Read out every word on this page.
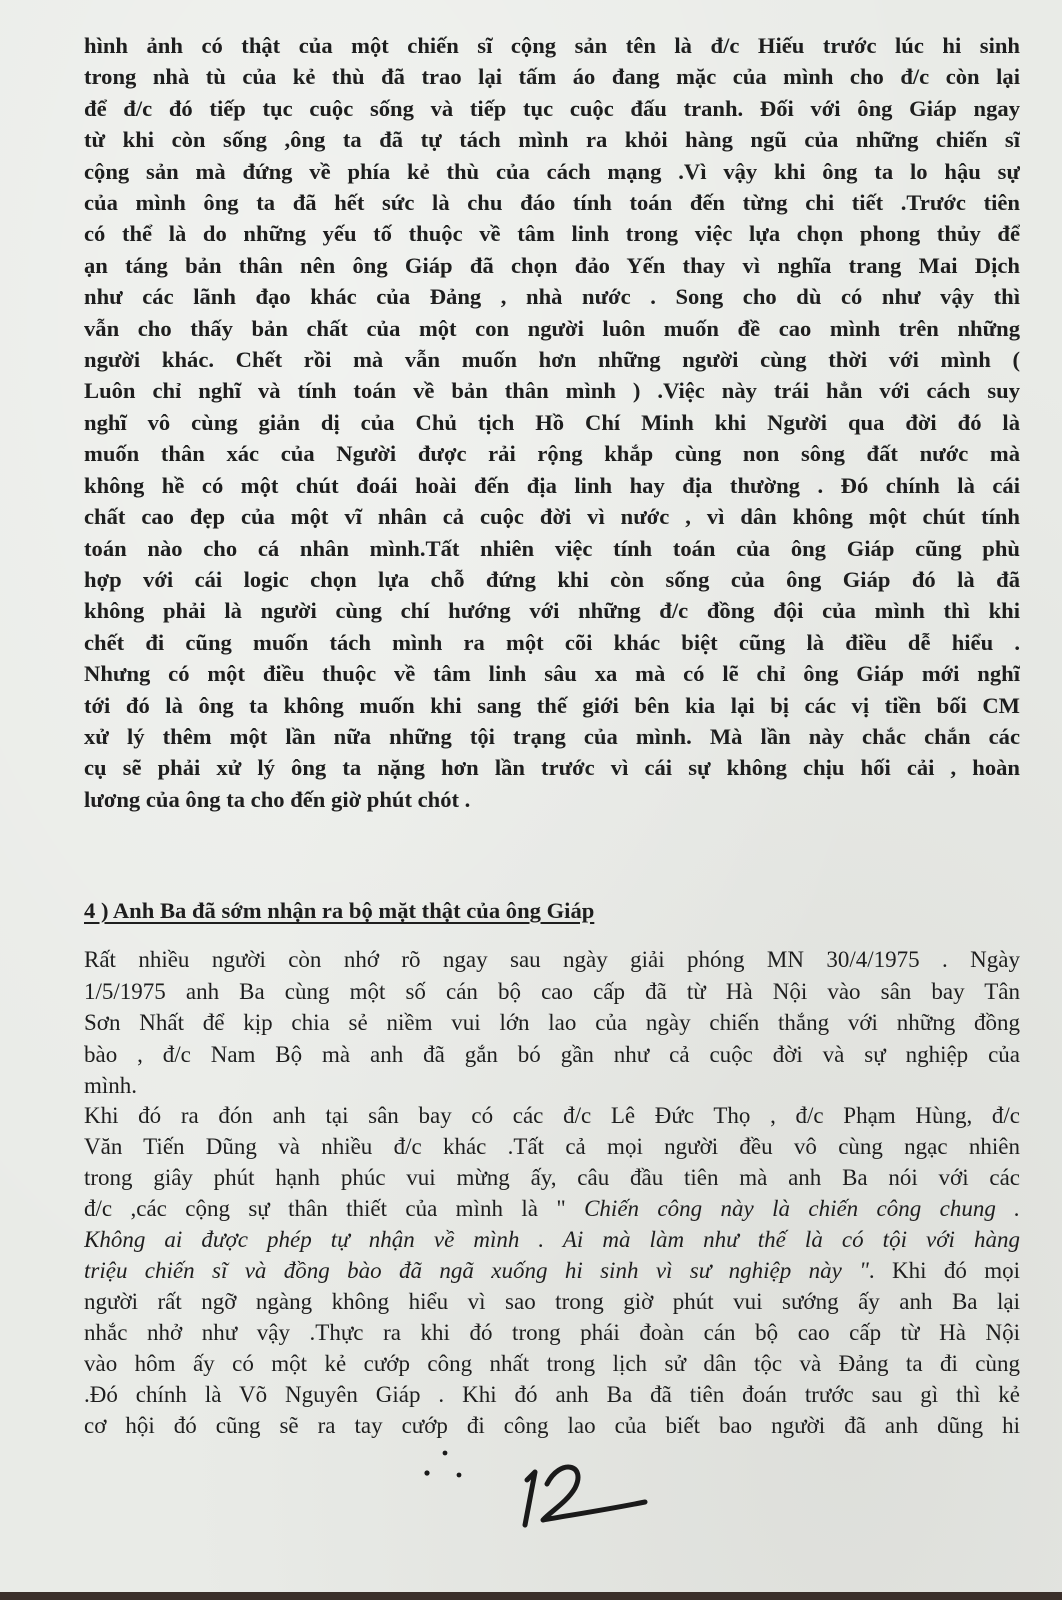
hình ảnh có thật của một chiến sĩ cộng sản tên là đ/c Hiếu trước lúc hi sinh
trong nhà tù của kẻ thù đã trao lại tấm áo đang mặc của mình cho đ/c còn lại
để đ/c đó tiếp tục cuộc sống và tiếp tục cuộc đấu tranh. Đối với ông Giáp ngay
từ khi còn sống ,ông ta đã tự tách mình ra khỏi hàng ngũ của những chiến sĩ
cộng sản mà đứng về phía kẻ thù của cách mạng .Vì vậy khi ông ta lo hậu sự
của mình ông ta đã hết sức là chu đáo tính toán đến từng chi tiết .Trước tiên
có thể là do những yếu tố thuộc về tâm linh trong việc lựa chọn phong thủy để
ạn táng bản thân nên ông Giáp đã chọn đảo Yến thay vì nghĩa trang Mai Dịch
như các lãnh đạo khác của Đảng , nhà nước . Song cho dù có như vậy thì
vẫn cho thấy bản chất của một con người luôn muốn đề cao mình trên những
người khác. Chết rồi mà vẫn muốn hơn những người cùng thời với mình (
Luôn chỉ nghĩ và tính toán về bản thân mình ) .Việc này trái hẳn với cách suy
nghĩ vô cùng giản dị của Chủ tịch Hồ Chí Minh khi Người qua đời đó là
muốn thân xác của Người được rải rộng khắp cùng non sông đất nước mà
không hề có một chút đoái hoài đến địa linh hay địa thường . Đó chính là cái
chất cao đẹp của một vĩ nhân cả cuộc đời vì nước , vì dân không một chút tính
toán nào cho cá nhân mình.Tất nhiên việc tính toán của ông Giáp cũng phù
hợp với cái logic chọn lựa chỗ đứng khi còn sống của ông Giáp đó là đã
không phải là người cùng chí hướng với những đ/c đồng đội của mình thì khi
chết đi cũng muốn tách mình ra một cõi khác biệt cũng là điều dễ hiểu .
Nhưng có một điều thuộc về tâm linh sâu xa mà có lẽ chỉ ông Giáp mới nghĩ
tới đó là ông ta không muốn khi sang thế giới bên kia lại bị các vị tiền bối CM
xử lý thêm một lần nữa những tội trạng của mình. Mà lần này chắc chắn các
cụ sẽ phải xử lý ông ta nặng hơn lần trước vì cái sự không chịu hối cải , hoàn
lương của ông ta cho đến giờ phút chót .
4 ) Anh Ba đã sớm nhận ra bộ mặt thật của ông Giáp
Rất nhiều người còn nhớ rõ ngay sau ngày giải phóng MN 30/4/1975 . Ngày
1/5/1975 anh Ba cùng một số cán bộ cao cấp đã từ Hà Nội vào sân bay Tân
Sơn Nhất để kịp chia sẻ niềm vui lớn lao của ngày chiến thắng với những đồng
bào , đ/c Nam Bộ mà anh đã gắn bó gần như cả cuộc đời và sự nghiệp của
mình.
Khi đó ra đón anh tại sân bay có các đ/c Lê Đức Thọ , đ/c Phạm Hùng, đ/c
Văn Tiến Dũng và nhiều đ/c khác .Tất cả mọi người đều vô cùng ngạc nhiên
trong giây phút hạnh phúc vui mừng ấy, câu đầu tiên mà anh Ba nói với các
đ/c ,các cộng sự thân thiết của mình là " Chiến công này là chiến công chung .
Không ai được phép tự nhận về mình . Ai mà làm như thế là có tội với hàng
triệu chiến sĩ và đồng bào đã ngã xuống hi sinh vì sư nghiệp này ". Khi đó mọi
người rất ngỡ ngàng không hiểu vì sao trong giờ phút vui sướng ấy anh Ba lại
nhắc nhở như vậy .Thực ra khi đó trong phái đoàn cán bộ cao cấp từ Hà Nội
vào hôm ấy có một kẻ cướp công nhất trong lịch sử dân tộc và Đảng ta đi cùng
.Đó chính là Võ Nguyên Giáp . Khi đó anh Ba đã tiên đoán trước sau gì thì kẻ
cơ hội đó cũng sẽ ra tay cướp đi công lao của biết bao người đã anh dũng hi
